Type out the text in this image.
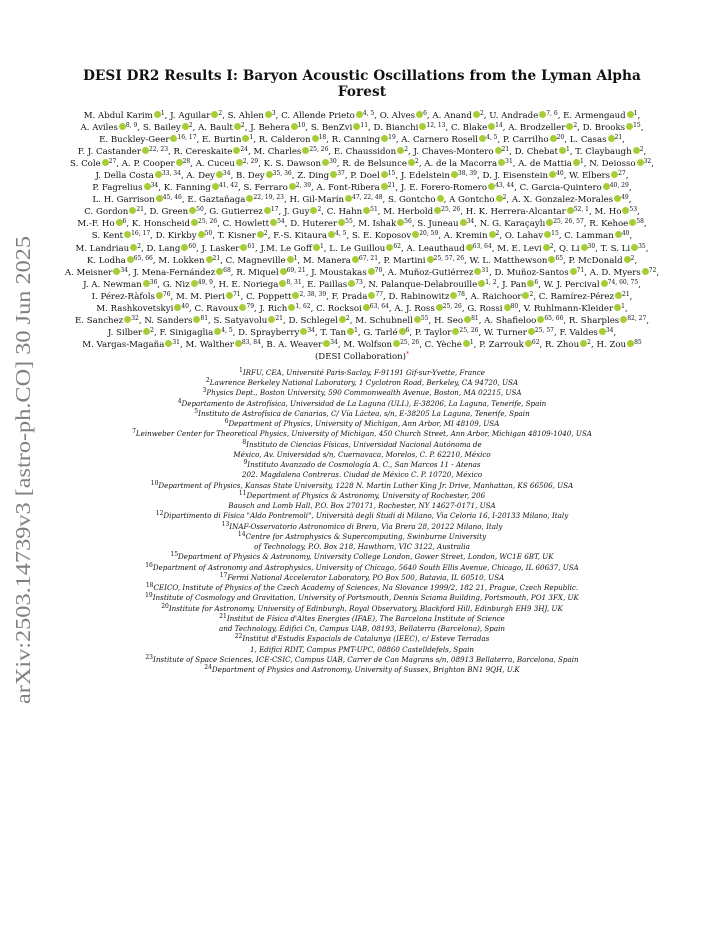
arXiv:2503.14739v3 [astro-ph.CO] 30 Jun 2025
DESI DR2 Results I: Baryon Acoustic Oscillations from the Lyman Alpha Forest
M. Abdul Karim $^1$, J. Aguilar $^2$, S. Ahlen $^3$, C. Allende Prieto $^{4, 5}$, O. Alves $^6$, A. Anand $^2$, U. Andrade $^{7, 6}$, E. Armengaud $^1$, A. Aviles $^{8, 9}$, S. Bailey $^2$, A. Bault $^2$, J. Behera $^{10}$, S. BenZvi $^{11}$, D. Bianchi $^{12, 13}$, C. Blake $^{14}$, A. Brodzeller $^2$, D. Brooks $^{15}$, E. Buckley-Geer $^{16, 17}$, E. Burtin $^1$, R. Calderon $^{18}$, R. Canning $^{19}$, A. Carnero Rosell $^{4, 5}$, P. Carrilho $^{20}$, L. Casas $^{21}$, F. J. Castander $^{22, 23}$, R. Cereskaite $^{24}$, M. Charles $^{25, 26}$, E. Chaussidon $^2$, J. Chaves-Montero $^{21}$, D. Chebat $^1$, T. Claybaugh $^2$, S. Cole $^{27}$, A. P. Cooper $^{28}$, A. Cuceu $^{2, 29}$, K. S. Dawson $^{30}$, R. de Belsunce $^2$, A. de la Macorra $^{31}$, A. de Mattia $^1$, N. Deiosso $^{32}$, J. Della Costa $^{33, 34}$, A. Dey $^{34}$, B. Dey $^{35, 36}$, Z. Ding $^{37}$, P. Doel $^{15}$, J. Edelstein $^{38, 39}$, D. J. Eisenstein $^{40}$, W. Elbers $^{27}$, P. Fagrelius $^{34}$, K. Fanning $^{41, 42}$, S. Ferraro $^{2, 39}$, A. Font-Ribera $^{21}$, J. E. Forero-Romero $^{43, 44}$, C. Garcia-Quintero $^{40, 29}$, L. H. Garrison $^{45, 46}$, E. Gaztañaga $^{22, 19, 23}$, H. Gil-Marín $^{47, 22, 48}$, S. Gontcho , A Gontcho $^2$, A. X. Gonzalez-Morales $^{49}$, C. Gordon $^{21}$, D. Green $^{50}$, G. Gutierrez $^{17}$, J. Guy $^2$, C. Hahn $^{51}$, M. Herbold $^{25, 26}$, H. K. Herrera-Alcantar $^{52, 1}$, M. Ho $^{53}$, M.-F. Ho $^6$, K. Honscheid $^{25, 26}$, C. Howlett $^{54}$, D. Huterer $^{55}$, M. Ishak $^{56}$, S. Juneau $^{34}$, N. G. Karaçaylı $^{25, 26, 57}$, R. Kehoe $^{58}$, S. Kent $^{16, 17}$, D. Kirkby $^{50}$, T. Kisner $^2$, F.-S. Kitaura $^{4, 5}$, S. E. Koposov $^{20, 59}$, A. Kremin $^2$, O. Lahav $^{15}$, C. Lamman $^{40}$, M. Landriau $^2$, D. Lang $^{60}$, J. Lasker $^{61}$, J.M. Le Goff $^1$, L. Le Guillou $^{62}$, A. Leauthaud $^{63, 64}$, M. E. Levi $^2$, Q. Li $^{30}$, T. S. Li $^{35}$, K. Lodha $^{65, 66}$, M. Lokken $^{21}$, C. Magneville $^1$, M. Manera $^{67, 21}$, P. Martini $^{25, 57, 26}$, W. L. Matthewson $^{65}$, P. McDonald $^2$, A. Meisner $^{34}$, J. Mena-Fernández $^{68}$, R. Miquel $^{69, 21}$, J. Moustakas $^{70}$, A. Muñoz-Gutiérrez $^{31}$, D. Muñoz-Santos $^{71}$, A. D. Myers $^{72}$, J. A. Newman $^{36}$, G. Niz $^{49, 9}$, H. E. Noriega $^{8, 31}$, E. Paillas $^{73}$, N. Palanque-Delabrouille $^{1, 2}$, J. Pan $^6$, W. J. Percival $^{74, 60, 75}$, I. Pérez-Ràfols $^{76}$, M. M. Pieri $^{71}$, C. Poppett $^{2, 38, 39}$, F. Prada $^{77}$, D. Rabinowitz $^{78}$, A. Raichoor $^2$, C. Ramírez-Pérez $^{21}$, M. Rashkovetskyi $^{40}$, C. Ravoux $^{79}$, J. Rich $^{1, 62}$, C. Rocksoi $^{63, 64}$, A. J. Ross $^{25, 26}$, G. Rossi $^{80}$, V. Ruhlmann-Kleider $^1$, E. Sanchez $^{32}$, N. Sanders $^{81}$, S. Satyavolu $^{21}$, D. Schlegel $^2$, M. Schubnell $^{55}$, H. Seo $^{81}$, A. Shafieloo $^{65, 66}$, R. Sharples $^{82, 27}$, J. Silber $^2$, F. Sinigaglia $^{4, 5}$, D. Sprayberry $^{34}$, T. Tan $^1$, G. Tarlé $^6$, P. Taylor $^{25, 26}$, W. Turner $^{25, 57}$, F. Valdes $^{34}$, M. Vargas-Magaña $^{31}$, M. Walther $^{83, 84}$, B. A. Weaver $^{34}$, M. Wolfson $^{25, 26}$, C. Yèche $^1$, P. Zarrouk $^{62}$, R. Zhou $^2$, H. Zou $^{85}$
(DESI Collaboration)*
$^1$IRFU, CEA, Université Paris-Saclay, F-91191 Gif-sur-Yvette, France
$^2$Lawrence Berkeley National Laboratory, 1 Cyclotron Road, Berkeley, CA 94720, USA
$^3$Physics Dept., Boston University, 590 Commonwealth Avenue, Boston, MA 02215, USA
$^4$Departamento de Astrofísica, Universidad de La Laguna (ULL), E-38206, La Laguna, Tenerife, Spain
$^5$Instituto de Astrofísica de Canarias, C/ Vía Láctea, s/n, E-38205 La Laguna, Tenerife, Spain
$^6$Department of Physics, University of Michigan, Ann Arbor, MI 48109, USA
$^7$Leinweber Center for Theoretical Physics, University of Michigan, 450 Church Street, Ann Arbor, Michigan 48109-1040, USA
$^8$Instituto de Ciencias Físicas, Universidad Nacional Autónoma de
México, Av. Universidad s/n, Cuernavaca, Morelos, C. P. 62210, México
$^9$Instituto Avanzado de Cosmología A. C., San Marcos 11 - Atenas
202. Magdalena Contreras. Ciudad de México C. P. 10720, México
$^{10}$Department of Physics, Kansas State University, 1228 N. Martin Luther King Jr. Drive, Manhattan, KS 66506, USA
$^{11}$Department of Physics & Astronomy, University of Rochester, 206
Bausch and Lomb Hall, P.O. Box 270171, Rochester, NY 14627-0171, USA
$^{12}$Dipartimento di Fisica "Aldo Pontremoli", Università degli Studi di Milano, Via Celoria 16, I-20133 Milano, Italy
$^{13}$INAF-Osservatorio Astronomico di Brera, Via Brera 28, 20122 Milano, Italy
$^{14}$Centre for Astrophysics & Supercomputing, Swinburne University
of Technology, P.O. Box 218, Hawthorn, VIC 3122, Australia
$^{15}$Department of Physics & Astronomy, University College London, Gower Street, London, WC1E 6BT, UK
$^{16}$Department of Astronomy and Astrophysics, University of Chicago, 5640 South Ellis Avenue, Chicago, IL 60637, USA
$^{17}$Fermi National Accelerator Laboratory, PO Box 500, Batavia, IL 60510, USA
$^{18}$CEICO, Institute of Physics of the Czech Academy of Sciences, Na Slovance 1999/2, 182 21, Prague, Czech Republic.
$^{19}$Institute of Cosmology and Gravitation, University of Portsmouth, Dennis Sciama Building, Portsmouth, PO1 3FX, UK
$^{20}$Institute for Astronomy, University of Edinburgh, Royal Observatory, Blackford Hill, Edinburgh EH9 3HJ, UK
$^{21}$Institut de Física d'Altes Energies (IFAE), The Barcelona Institute of Science
and Technology, Edifici Cn, Campus UAB, 08193, Bellaterra (Barcelona), Spain
$^{22}$Institut d'Estudis Espacials de Catalunya (IEEC), c/ Esteve Terradas
1, Edifici RDIT, Campus PMT-UPC, 08860 Castelldefels, Spain
$^{23}$Institute of Space Sciences, ICE-CSIC, Campus UAB, Carrer de Can Magrans s/n, 08913 Bellaterra, Barcelona, Spain
$^{24}$Department of Physics and Astronomy, University of Sussex, Brighton BN1 9QH, U.K
